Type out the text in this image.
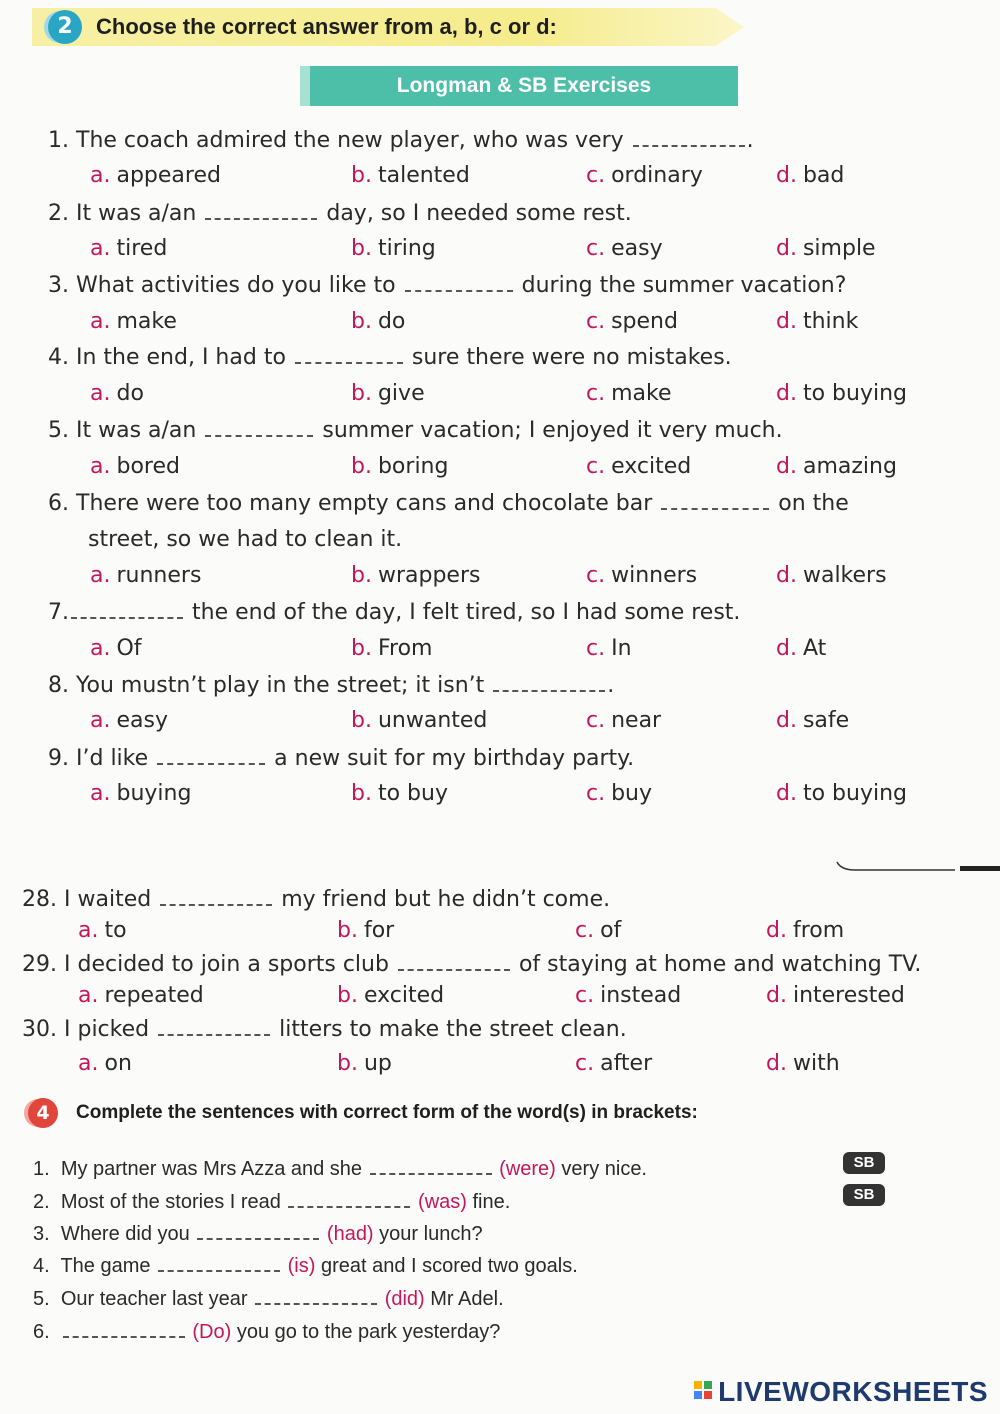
2	Choose the correct answer from a, b, c or d:
Longman & SB Exercises
1. The coach admired the new player, who was very	.
a. appeared	b. talented	c. ordinary	d. bad
2. It was a/an	day, so I needed some rest.
a. tired	b. tiring	c. easy	d. simple
3. What activities do you like to	during the summer vacation?
a. make	b. do	c. spend	d. think
4. In the end, I had to	sure there were no mistakes.
a. do	b. give	c. make	d. to buying
5. It was a/an	summer vacation; I enjoyed it very much.
a. bored	b. boring	c. excited	d. amazing
6. There were too many empty cans and chocolate bar	on the
street, so we had to clean it.
a. runners	b. wrappers	c. winners	d. walkers
7.	the end of the day, I felt tired, so I had some rest.
a. Of	b. From	c. In	d. At
8. You mustn’t play in the street; it isn’t	.
a. easy	b. unwanted	c. near	d. safe
9. I’d like	a new suit for my birthday party.
a. buying	b. to buy	c. buy	d. to buying
28. I waited	my friend but he didn’t come.
a. to	b. for	c. of	d. from
29. I decided to join a sports club	of staying at home and watching TV.
a. repeated	b. excited	c. instead	d. interested
30. I picked	litters to make the street clean.
a. on	b. up	c. after	d. with
4	Complete the sentences with correct form of the word(s) in brackets:
1. My partner was Mrs Azza and she	(were) very nice.	SB
2. Most of the stories I read	(was) fine.	SB
3. Where did you	(had) your lunch?
4. The game	(is) great and I scored two goals.
5. Our teacher last year	(did) Mr Adel.
6.	(Do) you go to the park yesterday?
LIVEWORKSHEETS
